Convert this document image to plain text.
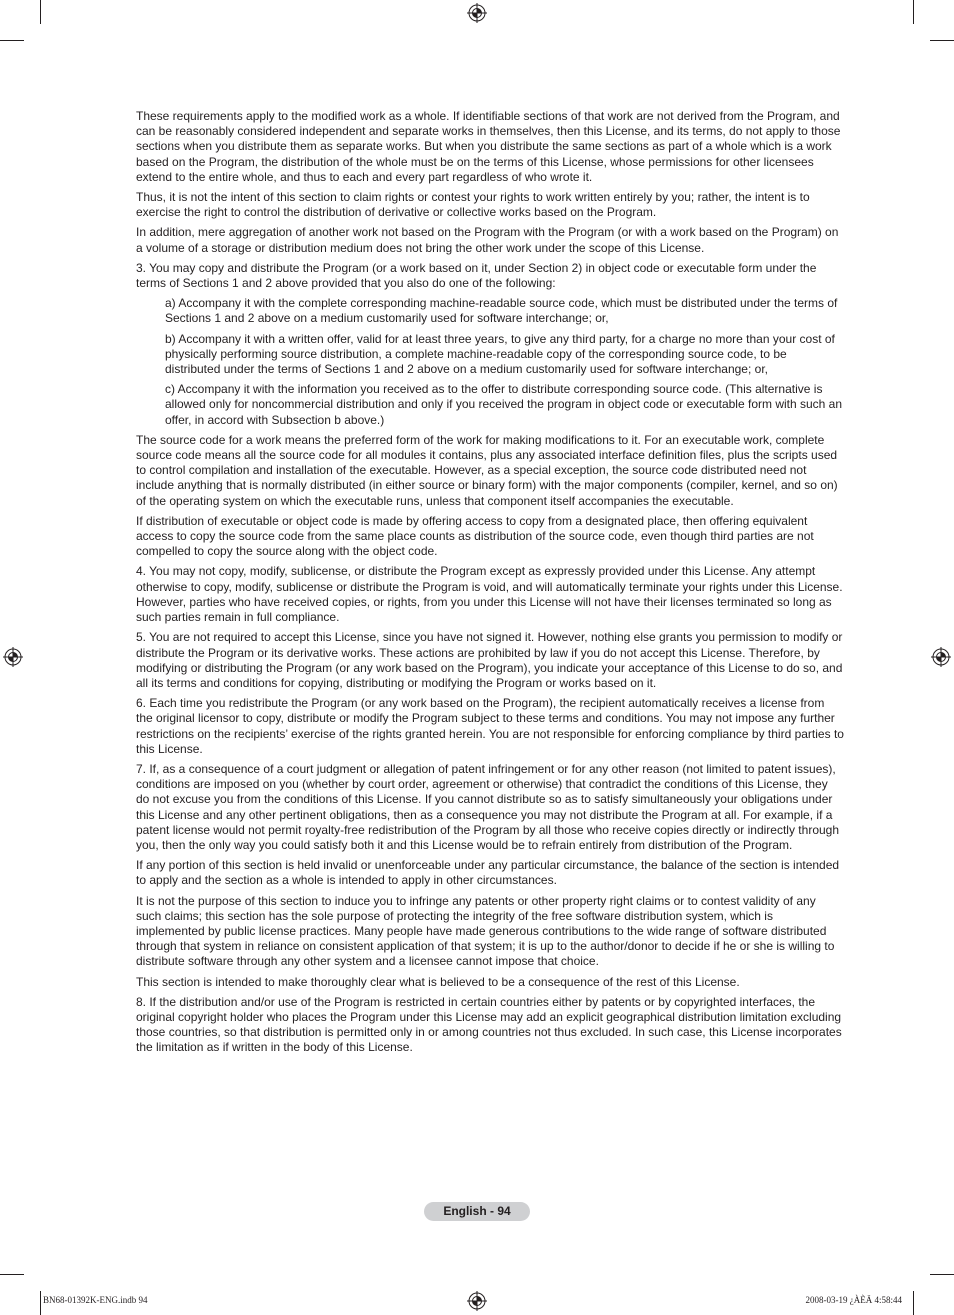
These requirements apply to the modified work as a whole. If identifiable sections of that work are not derived from the Program, and can be reasonably considered independent and separate works in themselves, then this License, and its terms, do not apply to those sections when you distribute them as separate works. But when you distribute the same sections as part of a whole which is a work based on the Program, the distribution of the whole must be on the terms of this License, whose permissions for other licensees extend to the entire whole, and thus to each and every part regardless of who wrote it.

Thus, it is not the intent of this section to claim rights or contest your rights to work written entirely by you; rather, the intent is to exercise the right to control the distribution of derivative or collective works based on the Program.

In addition, mere aggregation of another work not based on the Program with the Program (or with a work based on the Program) on a volume of a storage or distribution medium does not bring the other work under the scope of this License.

3. You may copy and distribute the Program (or a work based on it, under Section 2) in object code or executable form under the terms of Sections 1 and 2 above provided that you also do one of the following:

a) Accompany it with the complete corresponding machine-readable source code, which must be distributed under the terms of Sections 1 and 2 above on a medium customarily used for software interchange; or,

b) Accompany it with a written offer, valid for at least three years, to give any third party, for a charge no more than your cost of physically performing source distribution, a complete machine-readable copy of the corresponding source code, to be distributed under the terms of Sections 1 and 2 above on a medium customarily used for software interchange; or,

c) Accompany it with the information you received as to the offer to distribute corresponding source code. (This alternative is allowed only for noncommercial distribution and only if you received the program in object code or executable form with such an offer, in accord with Subsection b above.)

The source code for a work means the preferred form of the work for making modifications to it. For an executable work, complete source code means all the source code for all modules it contains, plus any associated interface definition files, plus the scripts used to control compilation and installation of the executable. However, as a special exception, the source code distributed need not include anything that is normally distributed (in either source or binary form) with the major components (compiler, kernel, and so on) of the operating system on which the executable runs, unless that component itself accompanies the executable.

If distribution of executable or object code is made by offering access to copy from a designated place, then offering equivalent access to copy the source code from the same place counts as distribution of the source code, even though third parties are not compelled to copy the source along with the object code.

4. You may not copy, modify, sublicense, or distribute the Program except as expressly provided under this License. Any attempt otherwise to copy, modify, sublicense or distribute the Program is void, and will automatically terminate your rights under this License. However, parties who have received copies, or rights, from you under this License will not have their licenses terminated so long as such parties remain in full compliance.

5. You are not required to accept this License, since you have not signed it. However, nothing else grants you permission to modify or distribute the Program or its derivative works. These actions are prohibited by law if you do not accept this License. Therefore, by modifying or distributing the Program (or any work based on the Program), you indicate your acceptance of this License to do so, and all its terms and conditions for copying, distributing or modifying the Program or works based on it.

6. Each time you redistribute the Program (or any work based on the Program), the recipient automatically receives a license from the original licensor to copy, distribute or modify the Program subject to these terms and conditions. You may not impose any further restrictions on the recipients’ exercise of the rights granted herein. You are not responsible for enforcing compliance by third parties to this License.

7. If, as a consequence of a court judgment or allegation of patent infringement or for any other reason (not limited to patent issues), conditions are imposed on you (whether by court order, agreement or otherwise) that contradict the conditions of this License, they do not excuse you from the conditions of this License. If you cannot distribute so as to satisfy simultaneously your obligations under this License and any other pertinent obligations, then as a consequence you may not distribute the Program at all. For example, if a patent license would not permit royalty-free redistribution of the Program by all those who receive copies directly or indirectly through you, then the only way you could satisfy both it and this License would be to refrain entirely from distribution of the Program.

If any portion of this section is held invalid or unenforceable under any particular circumstance, the balance of the section is intended to apply and the section as a whole is intended to apply in other circumstances.

It is not the purpose of this section to induce you to infringe any patents or other property right claims or to contest validity of any such claims; this section has the sole purpose of protecting the integrity of the free software distribution system, which is implemented by public license practices. Many people have made generous contributions to the wide range of software distributed through that system in reliance on consistent application of that system; it is up to the author/donor to decide if he or she is willing to distribute software through any other system and a licensee cannot impose that choice.

This section is intended to make thoroughly clear what is believed to be a consequence of the rest of this License.

8. If the distribution and/or use of the Program is restricted in certain countries either by patents or by copyrighted interfaces, the original copyright holder who places the Program under this License may add an explicit geographical distribution limitation excluding those countries, so that distribution is permitted only in or among countries not thus excluded. In such case, this License incorporates the limitation as if written in the body of this License.

English - 94
BN68-01392K-ENG.indb 94	2008-03-19 ¿ÀÈÄ 4:58:44
